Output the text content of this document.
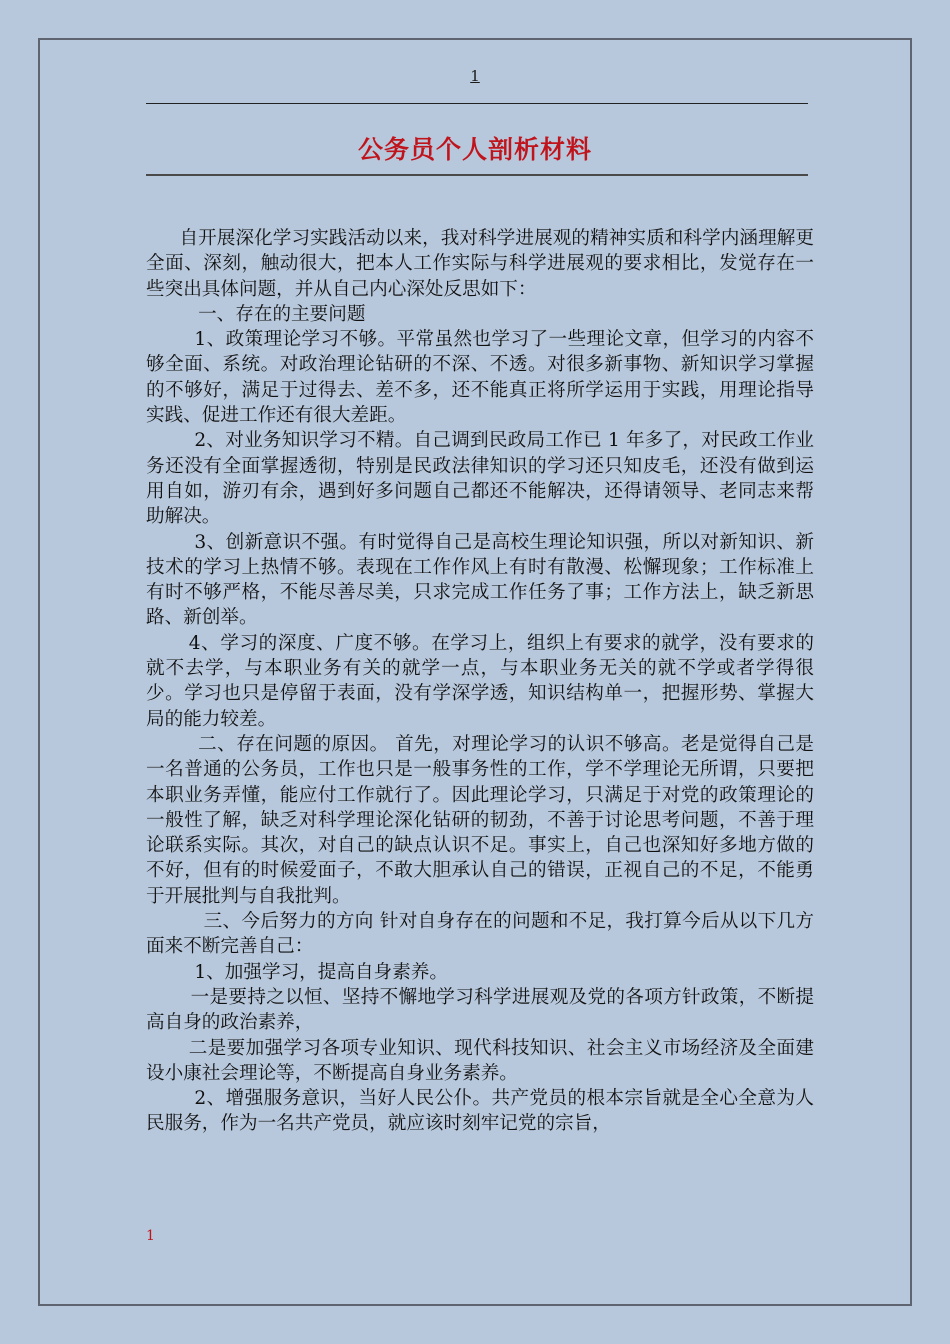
1
公务员个人剖析材料

自开展深化学习实践活动以来，我对科学进展观的精神实质和科学内涵理解更全面、深刻，触动很大，把本人工作实际与科学进展观的要求相比，发觉存在一些突出具体问题，并从自己内心深处反思如下：

一、存在的主要问题

1、政策理论学习不够。平常虽然也学习了一些理论文章，但学习的内容不够全面、系统。对政治理论钻研的不深、不透。对很多新事物、新知识学习掌握的不够好，满足于过得去、差不多，还不能真正将所学运用于实践，用理论指导实践、促进工作还有很大差距。

2、对业务知识学习不精。自己调到民政局工作已 1 年多了，对民政工作业务还没有全面掌握透彻，特别是民政法律知识的学习还只知皮毛，还没有做到运用自如，游刃有余，遇到好多问题自己都还不能解决，还得请领导、老同志来帮助解决。

3、创新意识不强。有时觉得自己是高校生理论知识强，所以对新知识、新技术的学习上热情不够。表现在工作作风上有时有散漫、松懈现象；工作标准上有时不够严格，不能尽善尽美，只求完成工作任务了事；工作方法上，缺乏新思路、新创举。

4、学习的深度、广度不够。在学习上，组织上有要求的就学，没有要求的就不去学，与本职业务有关的就学一点，与本职业务无关的就不学或者学得很少。学习也只是停留于表面，没有学深学透，知识结构单一，把握形势、掌握大局的能力较差。

二、存在问题的原因。 首先，对理论学习的认识不够高。老是觉得自己是一名普通的公务员，工作也只是一般事务性的工作，学不学理论无所谓，只要把本职业务弄懂，能应付工作就行了。因此理论学习，只满足于对党的政策理论的一般性了解，缺乏对科学理论深化钻研的韧劲，不善于讨论思考问题，不善于理论联系实际。其次，对自己的缺点认识不足。事实上，自己也深知好多地方做的不好，但有的时候爱面子，不敢大胆承认自己的错误，正视自己的不足，不能勇于开展批判与自我批判。

三、今后努力的方向 针对自身存在的问题和不足，我打算今后从以下几方面来不断完善自己：

1、加强学习，提高自身素养。

一是要持之以恒、坚持不懈地学习科学进展观及党的各项方针政策，不断提高自身的政治素养，

二是要加强学习各项专业知识、现代科技知识、社会主义市场经济及全面建设小康社会理论等，不断提高自身业务素养。

2、增强服务意识，当好人民公仆。共产党员的根本宗旨就是全心全意为人民服务，作为一名共产党员，就应该时刻牢记党的宗旨，

1
